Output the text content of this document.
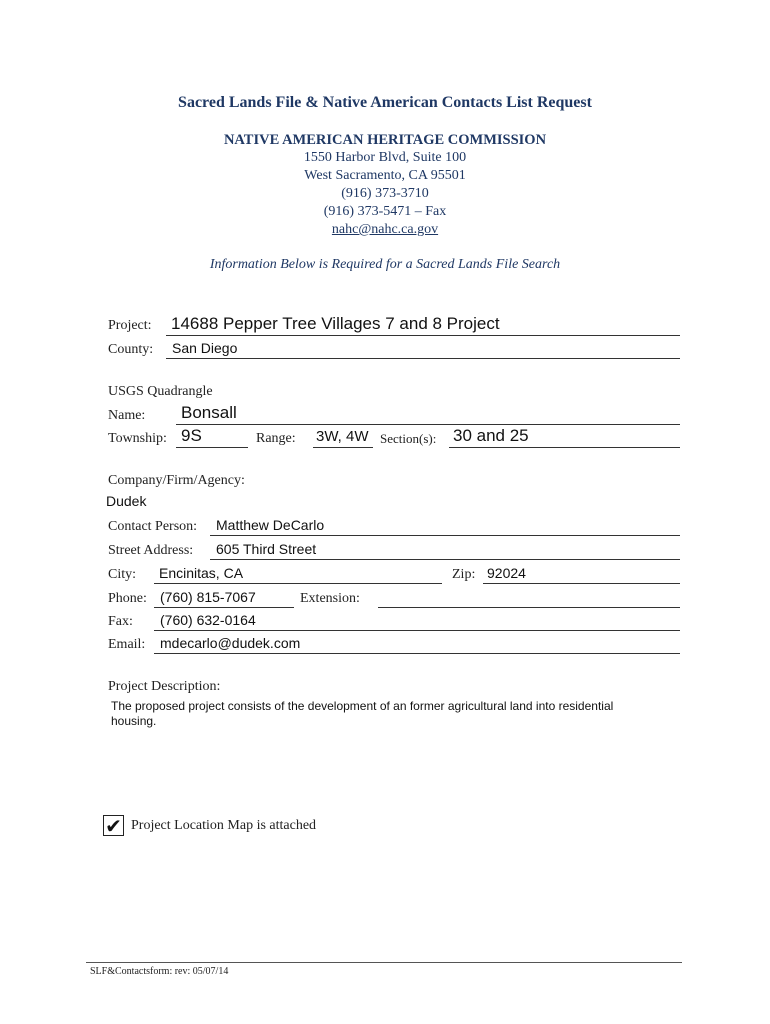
Sacred Lands File & Native American Contacts List Request
NATIVE AMERICAN HERITAGE COMMISSION
1550 Harbor Blvd, Suite 100
West Sacramento, CA 95501
(916) 373-3710
(916) 373-5471 – Fax
nahc@nahc.ca.gov
Information Below is Required for a Sacred Lands File Search
Project: 14688 Pepper Tree Villages 7 and 8 Project
County: San Diego
USGS Quadrangle
Name: Bonsall
Township: 9S	Range: 3W, 4W Section(s): 30 and 25
Company/Firm/Agency:
Dudek
Contact Person: Matthew DeCarlo
Street Address: 605 Third Street
City: Encinitas, CA	Zip: 92024
Phone: (760) 815-7067	Extension:
Fax: (760) 632-0164
Email: mdecarlo@dudek.com
Project Description:
The proposed project consists of the development of an former agricultural land into residential housing.
✔ Project Location Map is attached
SLF&Contactsform: rev: 05/07/14
